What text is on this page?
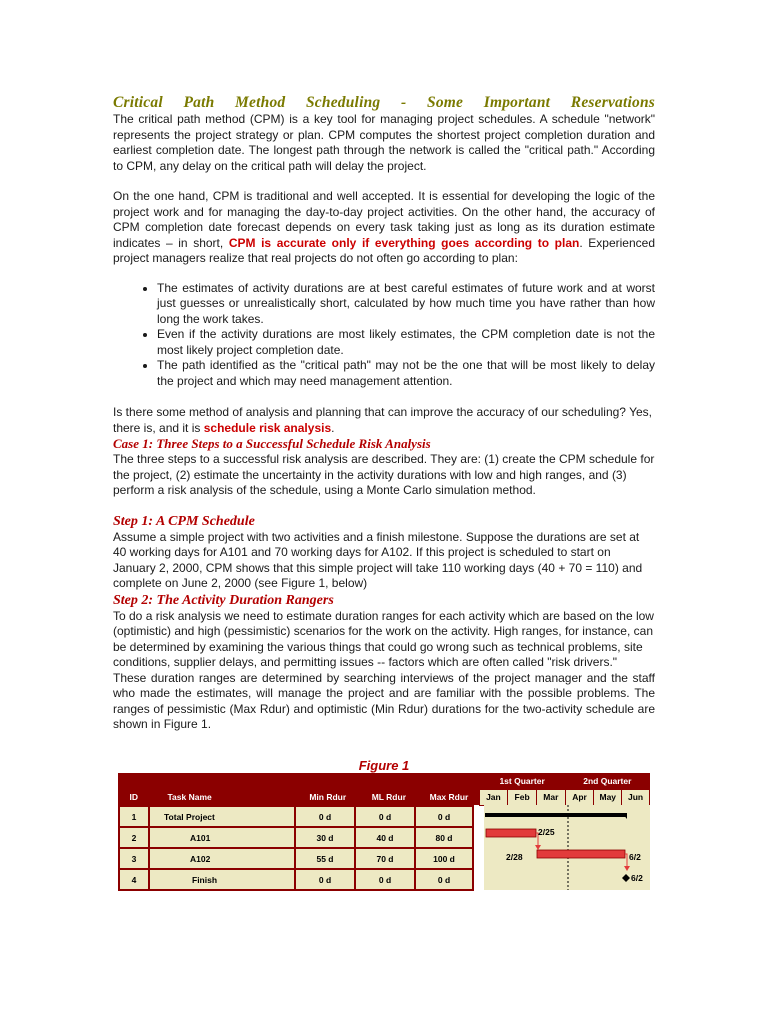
Critical Path Method Scheduling - Some Important Reservations

The critical path method (CPM) is a key tool for managing project schedules. A schedule "network" represents the project strategy or plan. CPM computes the shortest project completion duration and earliest completion date. The longest path through the network is called the "critical path." According to CPM, any delay on the critical path will delay the project.

On the one hand, CPM is traditional and well accepted. It is essential for developing the logic of the project work and for managing the day-to-day project activities. On the other hand, the accuracy of CPM completion date forecast depends on every task taking just as long as its duration estimate indicates – in short, CPM is accurate only if everything goes according to plan. Experienced project managers realize that real projects do not often go according to plan:

• The estimates of activity durations are at best careful estimates of future work and at worst just guesses or unrealistically short, calculated by how much time you have rather than how long the work takes.
• Even if the activity durations are most likely estimates, the CPM completion date is not the most likely project completion date.
• The path identified as the "critical path" may not be the one that will be most likely to delay the project and which may need management attention.

Is there some method of analysis and planning that can improve the accuracy of our scheduling? Yes, there is, and it is schedule risk analysis.

Case 1: Three Steps to a Successful Schedule Risk Analysis

The three steps to a successful risk analysis are described. They are: (1) create the CPM schedule for the project, (2) estimate the uncertainty in the activity durations with low and high ranges, and (3) perform a risk analysis of the schedule, using a Monte Carlo simulation method.

Step 1: A CPM Schedule

Assume a simple project with two activities and a finish milestone. Suppose the durations are set at 40 working days for A101 and 70 working days for A102. If this project is scheduled to start on January 2, 2000, CPM shows that this simple project will take 110 working days (40 + 70 = 110) and complete on June 2, 2000 (see Figure 1, below)

Step 2: The Activity Duration Rangers

To do a risk analysis we need to estimate duration ranges for each activity which are based on the low (optimistic) and high (pessimistic) scenarios for the work on the activity. High ranges, for instance, can be determined by examining the various things that could go wrong such as technical problems, site conditions, supplier delays, and permitting issues -- factors which are often called "risk drivers."

These duration ranges are determined by searching interviews of the project manager and the staff who made the estimates, will manage the project and are familiar with the possible problems. The ranges of pessimistic (Max Rdur) and optimistic (Min Rdur) durations for the two-activity schedule are shown in Figure 1.

Figure 1

					1st Quarter			2nd Quarter		
ID	Task Name	Min Rdur	ML Rdur	Max Rdur	Jan	Feb	Mar	Apr	May	Jun
1	Total Project	0 d	0 d	0 d
2	A101	30 d	40 d	80 d
3	A102	55 d	70 d	100 d
4	Finish	0 d	0 d	0 d
2/25
2/28	6/2
6/2
